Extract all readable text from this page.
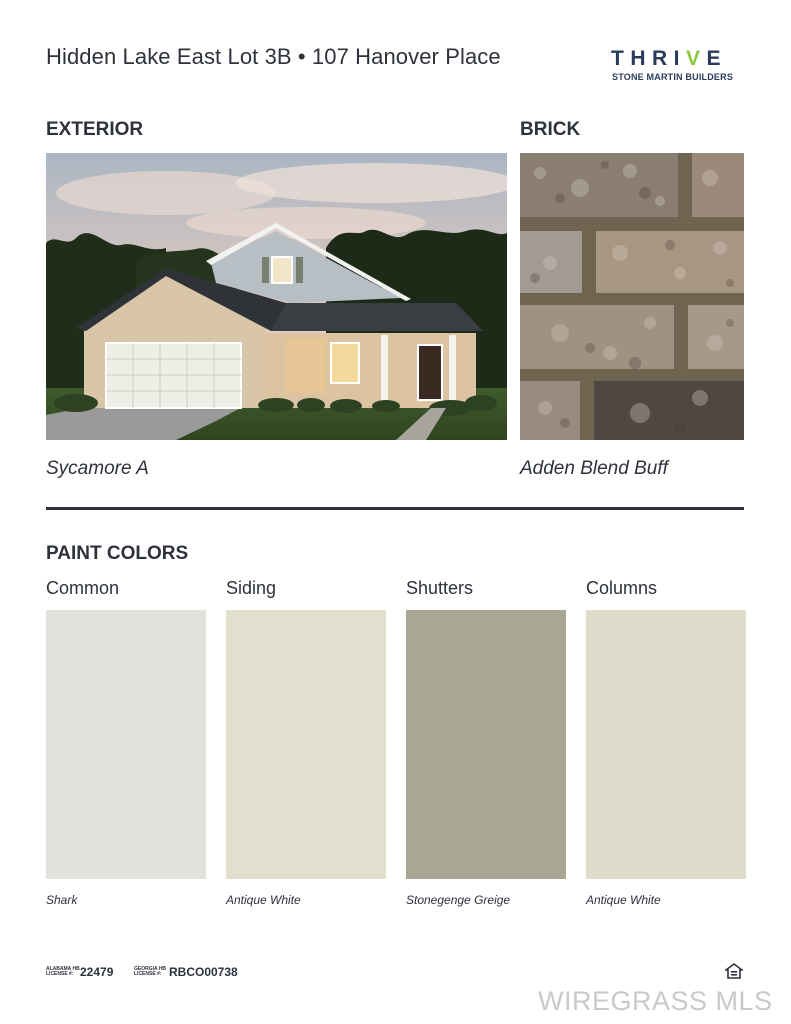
Hidden Lake East Lot 3B • 107 Hanover Place	THRIVE
STONE MARTIN BUILDERS
EXTERIOR	BRICK
Sycamore A	Adden Blend Buff
PAINT COLORS
Common	Siding	Shutters	Columns
Shark	Antique White	Stonegenge Greige	Antique White
ALABAMA HB
LICENSE #: 22479	GEORGIA HB
LICENSE #: RBCO00738
WIREGRASS MLS
